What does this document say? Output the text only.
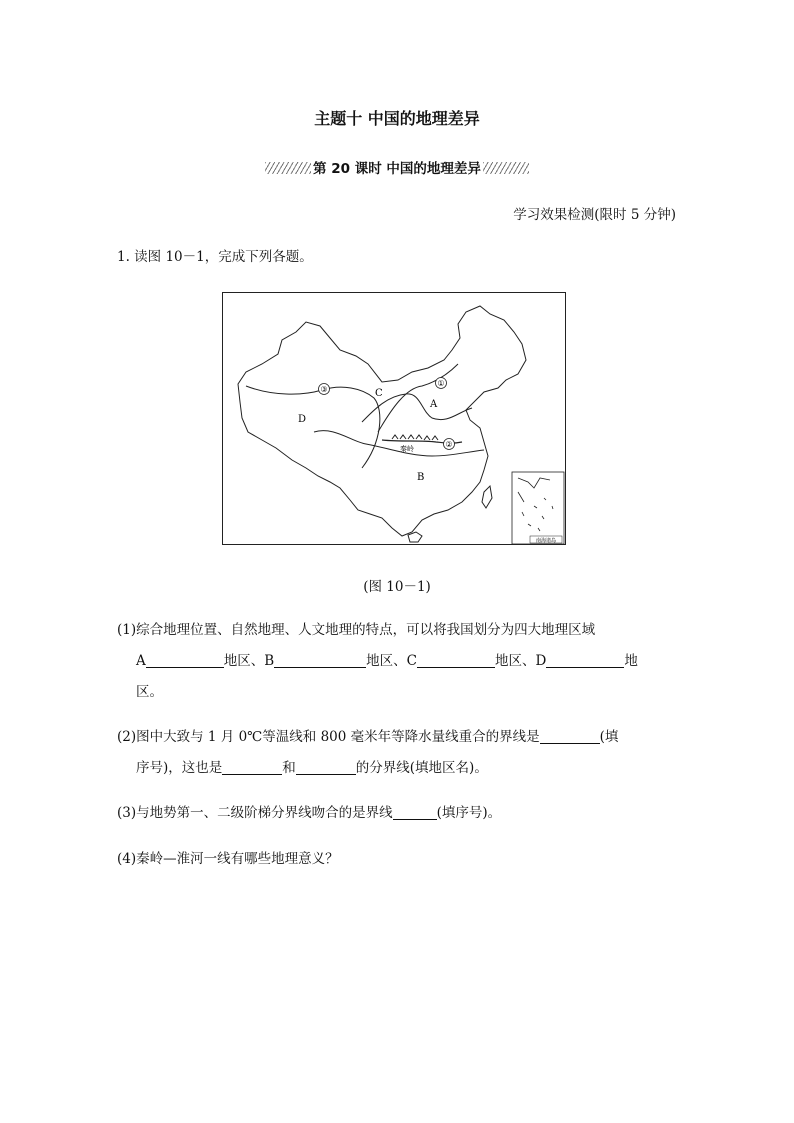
主题十 中国的地理差异
第 20 课时 中国的地理差异
学习效果检测(限时 5 分钟)
1. 读图 10－1，完成下列各题。
③
①
②
C
A
D
B
秦岭
南海诸岛
(图 10－1)
(1)综合地理位置、自然地理、人文地理的特点，可以将我国划分为四大地理区域
A	地区、B	地区、C	地区、D	地
区。
(2)图中大致与 1 月 0℃等温线和 800 毫米年等降水量线重合的界线是	(填
序号)，这也是	和	的分界线(填地区名)。
(3)与地势第一、二级阶梯分界线吻合的是界线	(填序号)。
(4)秦岭—淮河一线有哪些地理意义？
